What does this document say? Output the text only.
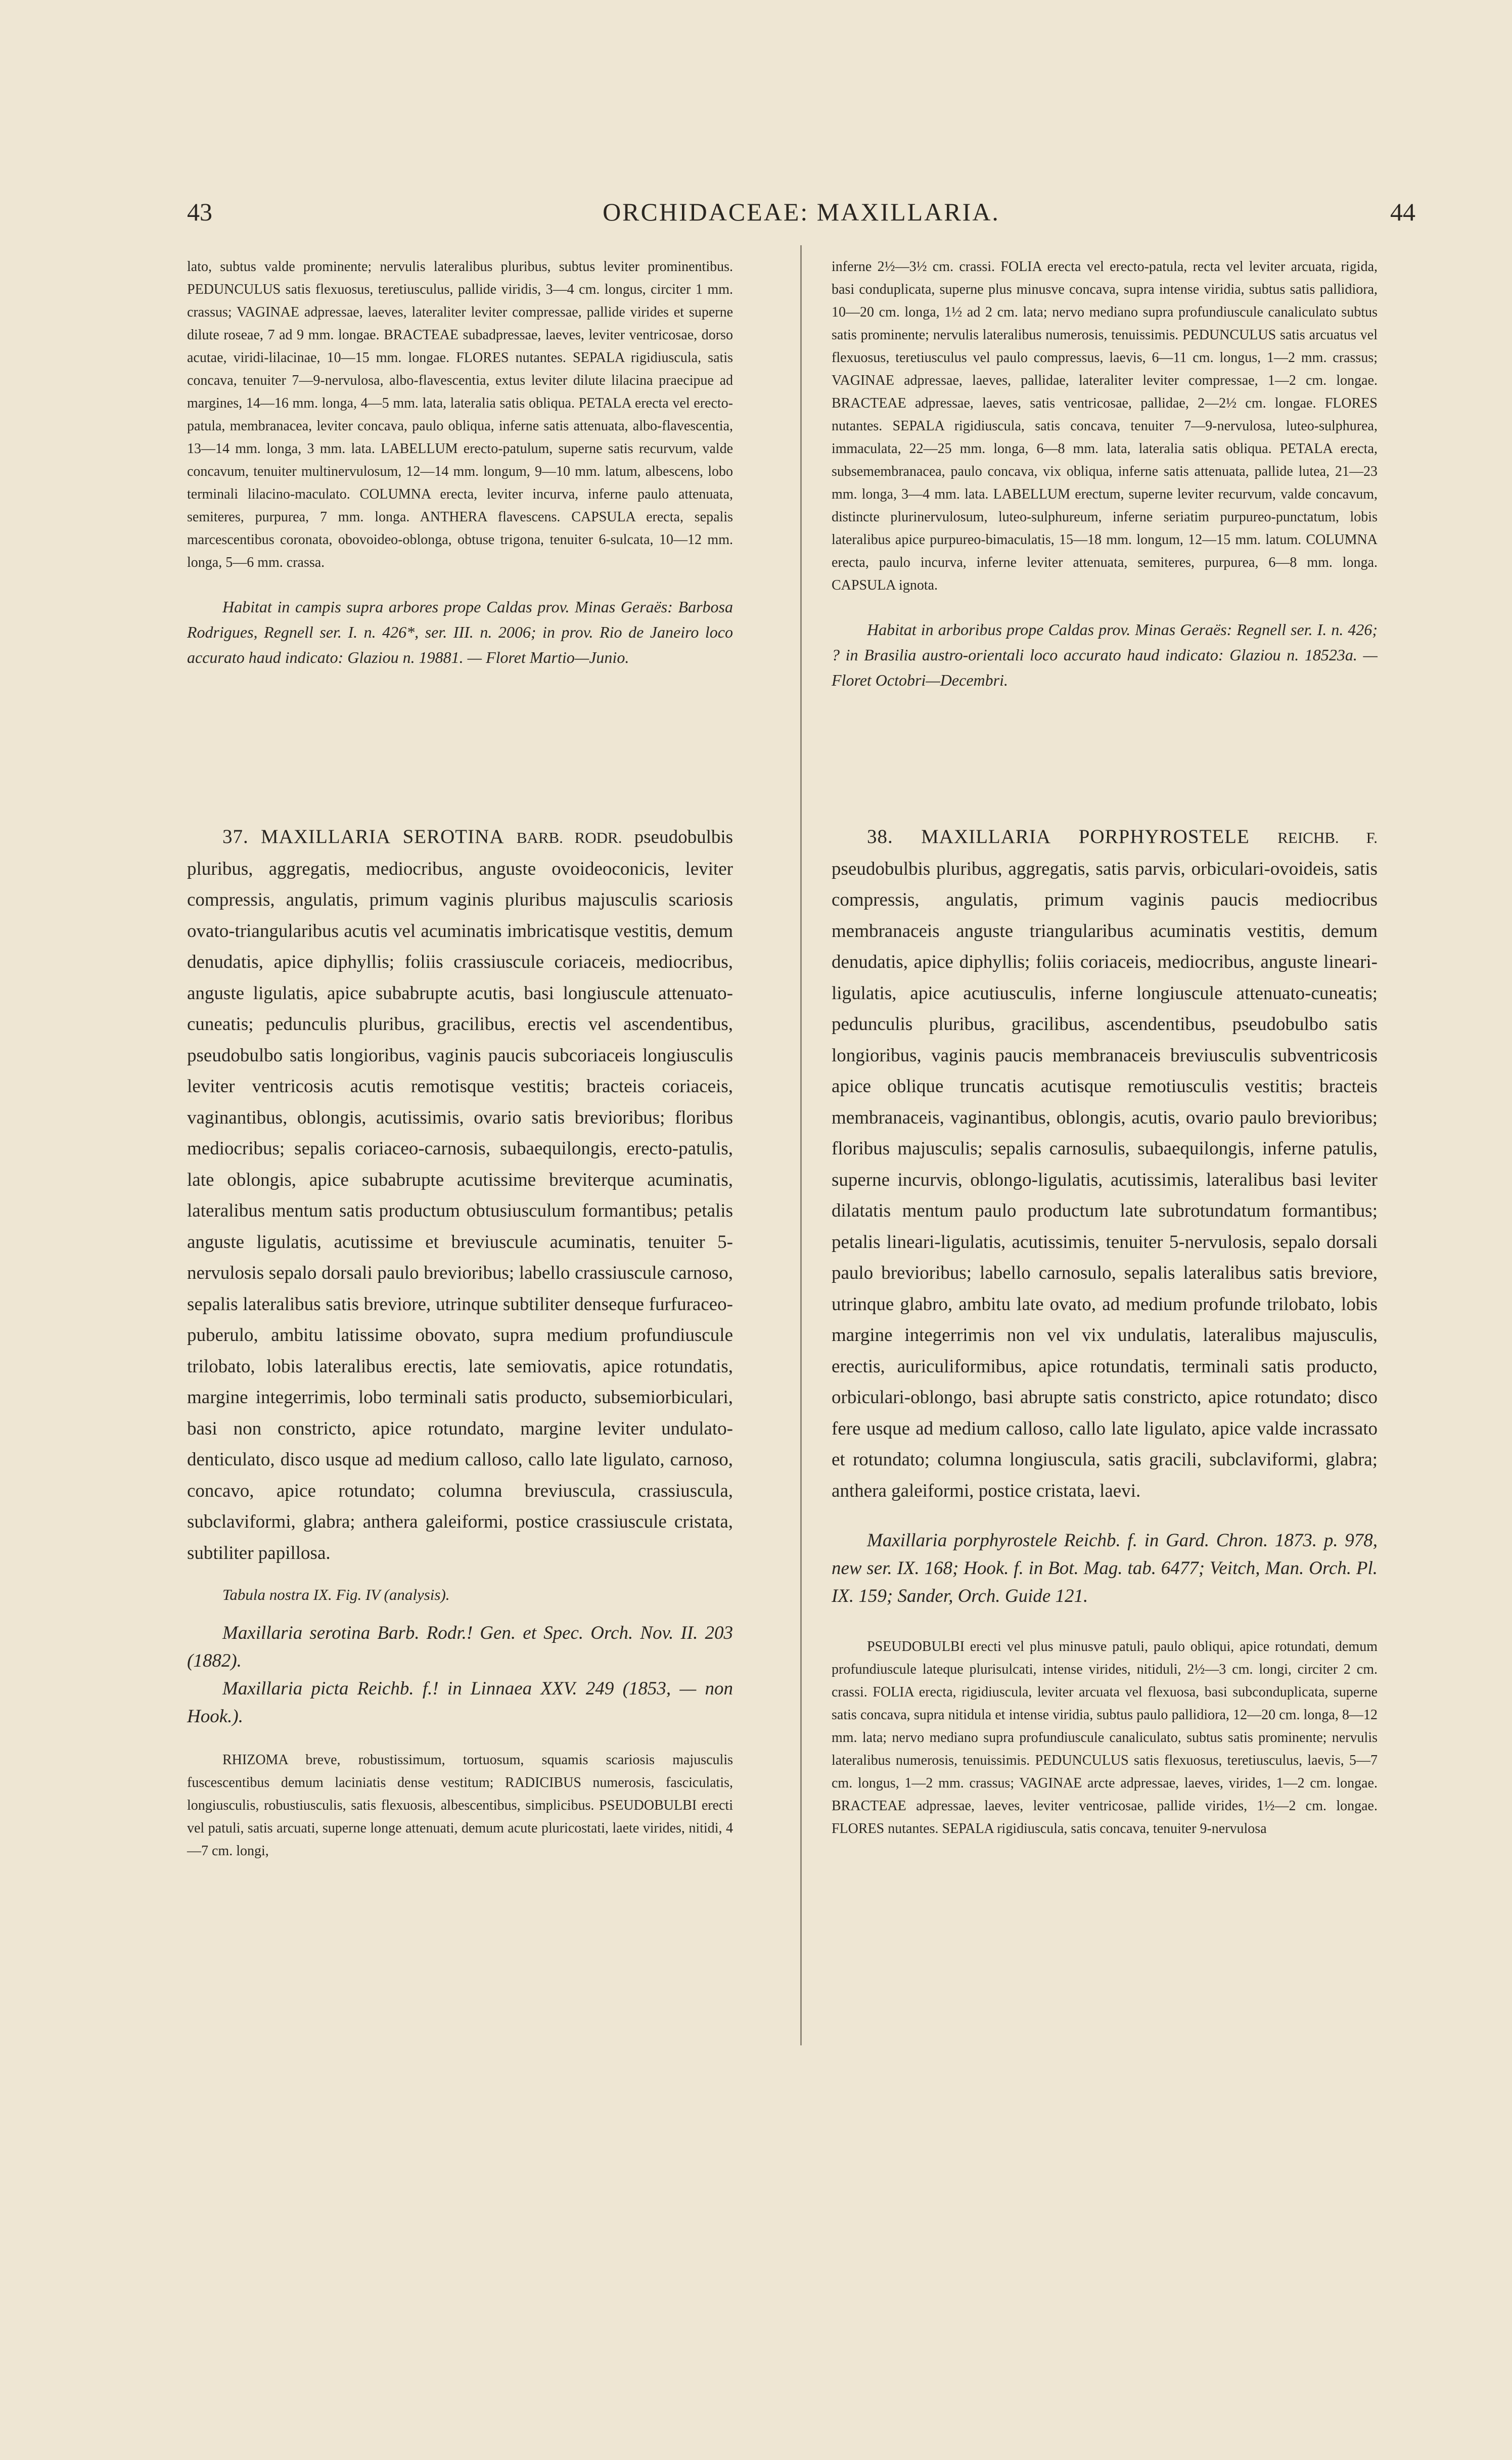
43	ORCHIDACEAE: MAXILLARIA.	44

lato, subtus valde prominente; nervulis lateralibus pluribus, subtus leviter prominentibus. PEDUNCULUS satis flexuosus, teretiusculus, pallide viridis, 3—4 cm. longus, circiter 1 mm. crassus; VAGINAE adpressae, laeves, lateraliter leviter compressae, pallide virides et superne dilute roseae, 7 ad 9 mm. longae. BRACTEAE subadpressae, laeves, leviter ventricosae, dorso acutae, viridi-lilacinae, 10—15 mm. longae. FLORES nutantes. SEPALA rigidiuscula, satis concava, tenuiter 7—9-nervulosa, albo-flavescentia, extus leviter dilute lilacina praecipue ad margines, 14—16 mm. longa, 4—5 mm. lata, lateralia satis obliqua. PETALA erecta vel erecto-patula, membranacea, leviter concava, paulo obliqua, inferne satis attenuata, albo-flavescentia, 13—14 mm. longa, 3 mm. lata. LABELLUM erecto-patulum, superne satis recurvum, valde concavum, tenuiter multinervulosum, 12—14 mm. longum, 9—10 mm. latum, albescens, lobo terminali lilacino-maculato. COLUMNA erecta, leviter incurva, inferne paulo attenuata, semiteres, purpurea, 7 mm. longa. ANTHERA flavescens. CAPSULA erecta, sepalis marcescentibus coronata, obovoideo-oblonga, obtuse trigona, tenuiter 6-sulcata, 10—12 mm. longa, 5—6 mm. crassa.

Habitat in campis supra arbores prope Caldas prov. Minas Geraës: Barbosa Rodrigues, Regnell ser. I. n. 426*, ser. III. n. 2006; in prov. Rio de Janeiro loco accurato haud indicato: Glaziou n. 19881. — Floret Martio—Junio.

37. MAXILLARIA SEROTINA BARB. RODR. pseudobulbis pluribus, aggregatis, mediocribus, anguste ovoideoconicis, leviter compressis, angulatis, primum vaginis pluribus majusculis scariosis ovato-triangularibus acutis vel acuminatis imbricatisque vestitis, demum denudatis, apice diphyllis; foliis crassiuscule coriaceis, mediocribus, anguste ligulatis, apice subabrupte acutis, basi longiuscule attenuato-cuneatis; pedunculis pluribus, gracilibus, erectis vel ascendentibus, pseudobulbo satis longioribus, vaginis paucis subcoriaceis longiusculis leviter ventricosis acutis remotisque vestitis; bracteis coriaceis, vaginantibus, oblongis, acutissimis, ovario satis brevioribus; floribus mediocribus; sepalis coriaceo-carnosis, subaequilongis, erecto-patulis, late oblongis, apice subabrupte acutissime breviterque acuminatis, lateralibus mentum satis productum obtusiusculum formantibus; petalis anguste ligulatis, acutissime et breviuscule acuminatis, tenuiter 5-nervulosis sepalo dorsali paulo brevioribus; labello crassiuscule carnoso, sepalis lateralibus satis breviore, utrinque subtiliter denseque furfuraceo-puberulo, ambitu latissime obovato, supra medium profundiuscule trilobato, lobis lateralibus erectis, late semiovatis, apice rotundatis, margine integerrimis, lobo terminali satis producto, subsemiorbiculari, basi non constricto, apice rotundato, margine leviter undulato-denticulato, disco usque ad medium calloso, callo late ligulato, carnoso, concavo, apice rotundato; columna breviuscula, crassiuscula, subclaviformi, glabra; anthera galeiformi, postice crassiuscule cristata, subtiliter papillosa.

Tabula nostra IX. Fig. IV (analysis).

Maxillaria serotina Barb. Rodr.! Gen. et Spec. Orch. Nov. II. 203 (1882).

Maxillaria picta Reichb. f.! in Linnaea XXV. 249 (1853, — non Hook.).

RHIZOMA breve, robustissimum, tortuosum, squamis scariosis majusculis fuscescentibus demum laciniatis dense vestitum; RADICIBUS numerosis, fasciculatis, longiusculis, robustiusculis, satis flexuosis, albescentibus, simplicibus. PSEUDOBULBI erecti vel patuli, satis arcuati, superne longe attenuati, demum acute pluricostati, laete virides, nitidi, 4—7 cm. longi,

inferne 2½—3½ cm. crassi. FOLIA erecta vel erecto-patula, recta vel leviter arcuata, rigida, basi conduplicata, superne plus minusve concava, supra intense viridia, subtus satis pallidiora, 10—20 cm. longa, 1½ ad 2 cm. lata; nervo mediano supra profundiuscule canaliculato subtus satis prominente; nervulis lateralibus numerosis, tenuissimis. PEDUNCULUS satis arcuatus vel flexuosus, teretiusculus vel paulo compressus, laevis, 6—11 cm. longus, 1—2 mm. crassus; VAGINAE adpressae, laeves, pallidae, lateraliter leviter compressae, 1—2 cm. longae. BRACTEAE adpressae, laeves, satis ventricosae, pallidae, 2—2½ cm. longae. FLORES nutantes. SEPALA rigidiuscula, satis concava, tenuiter 7—9-nervulosa, luteo-sulphurea, immaculata, 22—25 mm. longa, 6—8 mm. lata, lateralia satis obliqua. PETALA erecta, subsemembranacea, paulo concava, vix obliqua, inferne satis attenuata, pallide lutea, 21—23 mm. longa, 3—4 mm. lata. LABELLUM erectum, superne leviter recurvum, valde concavum, distincte plurinervulosum, luteo-sulphureum, inferne seriatim purpureo-punctatum, lobis lateralibus apice purpureo-bimaculatis, 15—18 mm. longum, 12—15 mm. latum. COLUMNA erecta, paulo incurva, inferne leviter attenuata, semiteres, purpurea, 6—8 mm. longa. CAPSULA ignota.

Habitat in arboribus prope Caldas prov. Minas Geraës: Regnell ser. I. n. 426; ? in Brasilia austro-orientali loco accurato haud indicato: Glaziou n. 18523a. — Floret Octobri—Decembri.

38. MAXILLARIA PORPHYROSTELE REICHB. F. pseudobulbis pluribus, aggregatis, satis parvis, orbiculari-ovoideis, satis compressis, angulatis, primum vaginis paucis mediocribus membranaceis anguste triangularibus acuminatis vestitis, demum denudatis, apice diphyllis; foliis coriaceis, mediocribus, anguste lineari-ligulatis, apice acutiusculis, inferne longiuscule attenuato-cuneatis; pedunculis pluribus, gracilibus, ascendentibus, pseudobulbo satis longioribus, vaginis paucis membranaceis breviusculis subventricosis apice oblique truncatis acutisque remotiusculis vestitis; bracteis membranaceis, vaginantibus, oblongis, acutis, ovario paulo brevioribus; floribus majusculis; sepalis carnosulis, subaequilongis, inferne patulis, superne incurvis, oblongo-ligulatis, acutissimis, lateralibus basi leviter dilatatis mentum paulo productum late subrotundatum formantibus; petalis lineari-ligulatis, acutissimis, tenuiter 5-nervulosis, sepalo dorsali paulo brevioribus; labello carnosulo, sepalis lateralibus satis breviore, utrinque glabro, ambitu late ovato, ad medium profunde trilobato, lobis margine integerrimis non vel vix undulatis, lateralibus majusculis, erectis, auriculiformibus, apice rotundatis, terminali satis producto, orbiculari-oblongo, basi abrupte satis constricto, apice rotundato; disco fere usque ad medium calloso, callo late ligulato, apice valde incrassato et rotundato; columna longiuscula, satis gracili, subclaviformi, glabra; anthera galeiformi, postice cristata, laevi.

Maxillaria porphyrostele Reichb. f. in Gard. Chron. 1873. p. 978, new ser. IX. 168; Hook. f. in Bot. Mag. tab. 6477; Veitch, Man. Orch. Pl. IX. 159; Sander, Orch. Guide 121.

PSEUDOBULBI erecti vel plus minusve patuli, paulo obliqui, apice rotundati, demum profundiuscule lateque plurisulcati, intense virides, nitiduli, 2½—3 cm. longi, circiter 2 cm. crassi. FOLIA erecta, rigidiuscula, leviter arcuata vel flexuosa, basi subconduplicata, superne satis concava, supra nitidula et intense viridia, subtus paulo pallidiora, 12—20 cm. longa, 8—12 mm. lata; nervo mediano supra profundiuscule canaliculato, subtus satis prominente; nervulis lateralibus numerosis, tenuissimis. PEDUNCULUS satis flexuosus, teretiusculus, laevis, 5—7 cm. longus, 1—2 mm. crassus; VAGINAE arcte adpressae, laeves, virides, 1—2 cm. longae. BRACTEAE adpressae, laeves, leviter ventricosae, pallide virides, 1½—2 cm. longae. FLORES nutantes. SEPALA rigidiuscula, satis concava, tenuiter 9-nervulosa
